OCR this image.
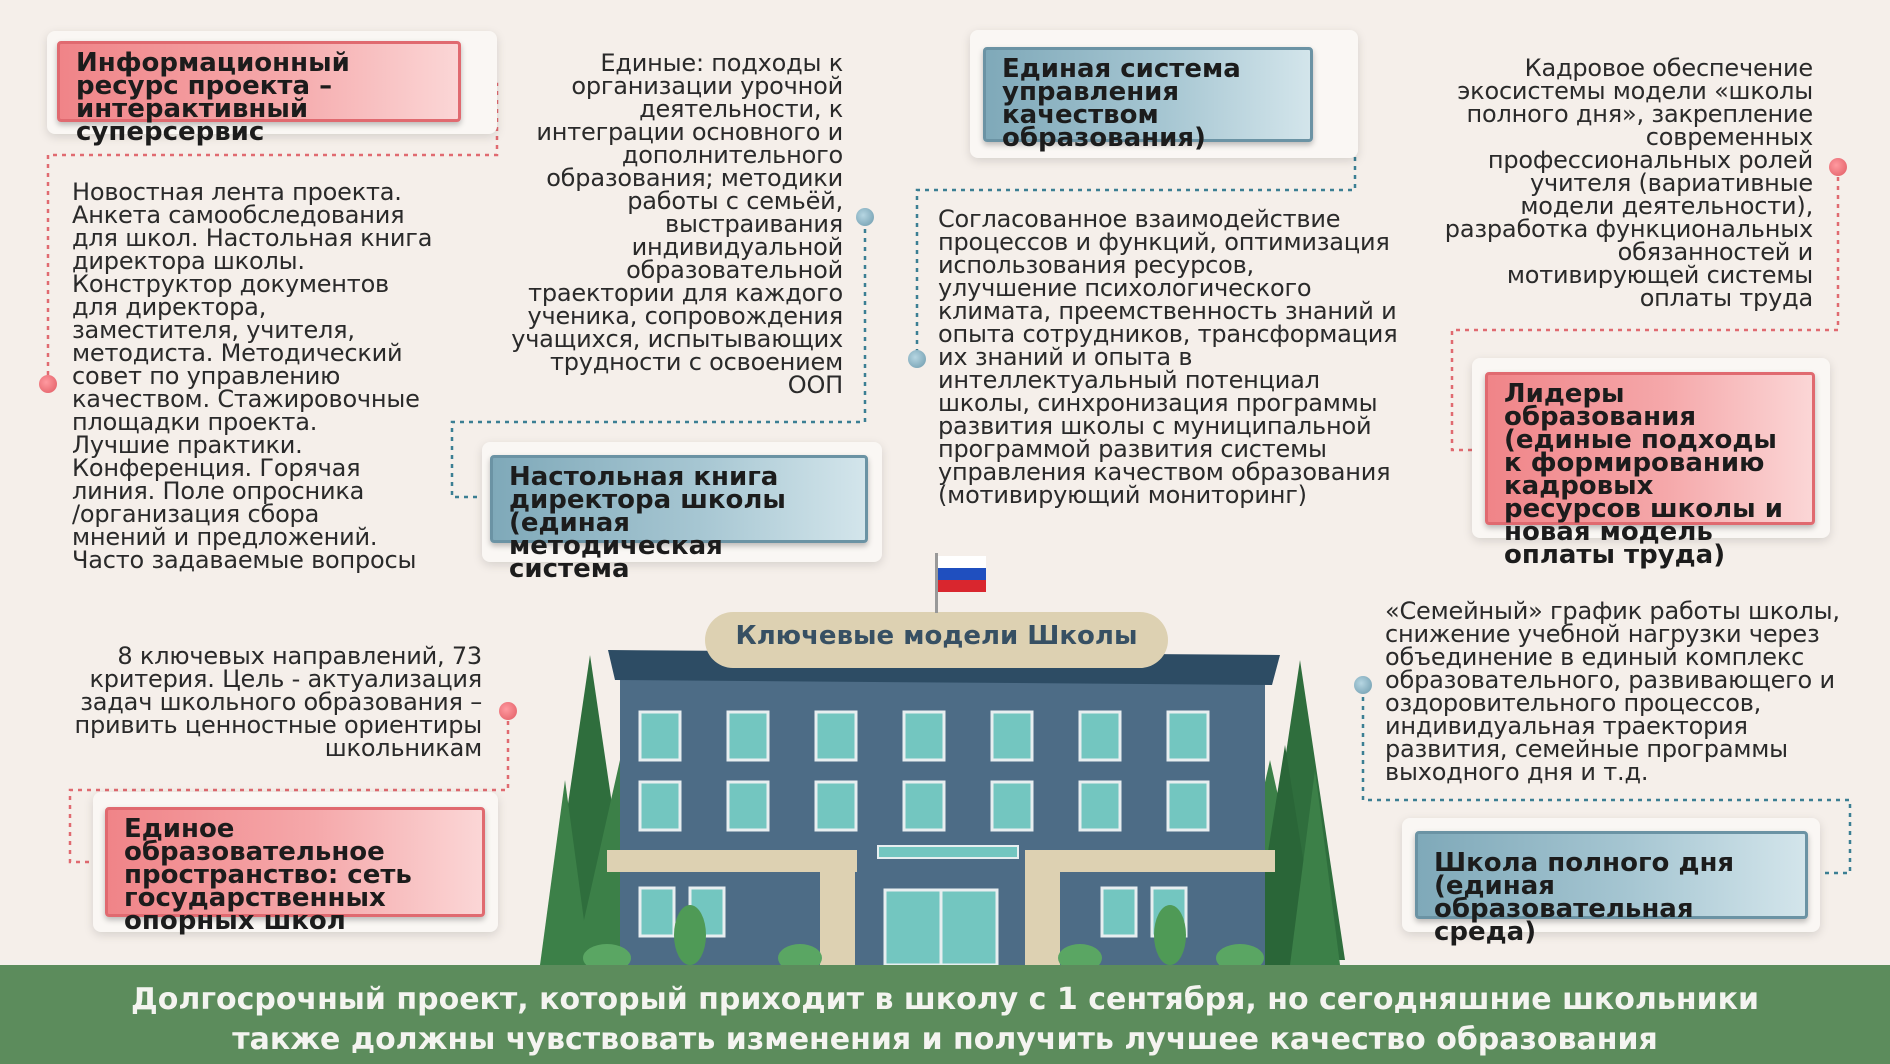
Информационный ресурс проекта – интерактивный суперсервис
Единая система управления качеством образования)
Настольная книга директора школы (единая методическая система
Лидеры образования (единые подходы к формированию кадровых ресурсов школы и новая модель оплаты труда)
Единое образовательное пространство: сеть государственных опорных школ
Школа полного дня (единая образовательная среда)
Новостная лента проекта.
Анкета самообследования
для школ. Настольная книга
директора школы.
Конструктор документов
для директора,
заместителя, учителя,
методиста. Методический
совет по управлению
качеством. Стажировочные
площадки проекта.
Лучшие практики.
Конференция. Горячая
линия. Поле опросника
/организация сбора
мнений и предложений.
Часто задаваемые вопросы
Единые: подходы к
организации урочной
деятельности, к
интеграции основного и
дополнительного
образования; методики
работы с семьёй,
выстраивания
индивидуальной
образовательной
траектории для каждого
ученика, сопровождения
учащихся, испытывающих
трудности с освоением
ООП
Согласованное взаимодействие
процессов и функций, оптимизация
использования ресурсов,
улучшение психологического
климата, преемственность знаний и
опыта сотрудников, трансформация
их знаний и опыта в
интеллектуальный потенциал
школы, синхронизация программы
развития школы с муниципальной
программой развития системы
управления качеством образования
(мотивирующий мониторинг)
Кадровое обеспечение
экосистемы модели «школы
полного дня», закрепление
современных
профессиональных ролей
учителя (вариативные
модели деятельности),
разработка функциональных
обязанностей и
мотивирующей системы
оплаты труда
8 ключевых направлений, 73
критерия. Цель - актуализация
задач школьного образования –
привить ценностные ориентиры
школьникам
«Семейный» график работы школы,
снижение учебной нагрузки через
объединение в единый комплекс
образовательного, развивающего и
оздоровительного процессов,
индивидуальная траектория
развития, семейные программы
выходного дня и т.д.
Ключевые модели Школы
Долгосрочный проект, который приходит в школу с 1 сентября, но сегодняшние школьники
также должны чувствовать изменения и получить лучшее качество образования
